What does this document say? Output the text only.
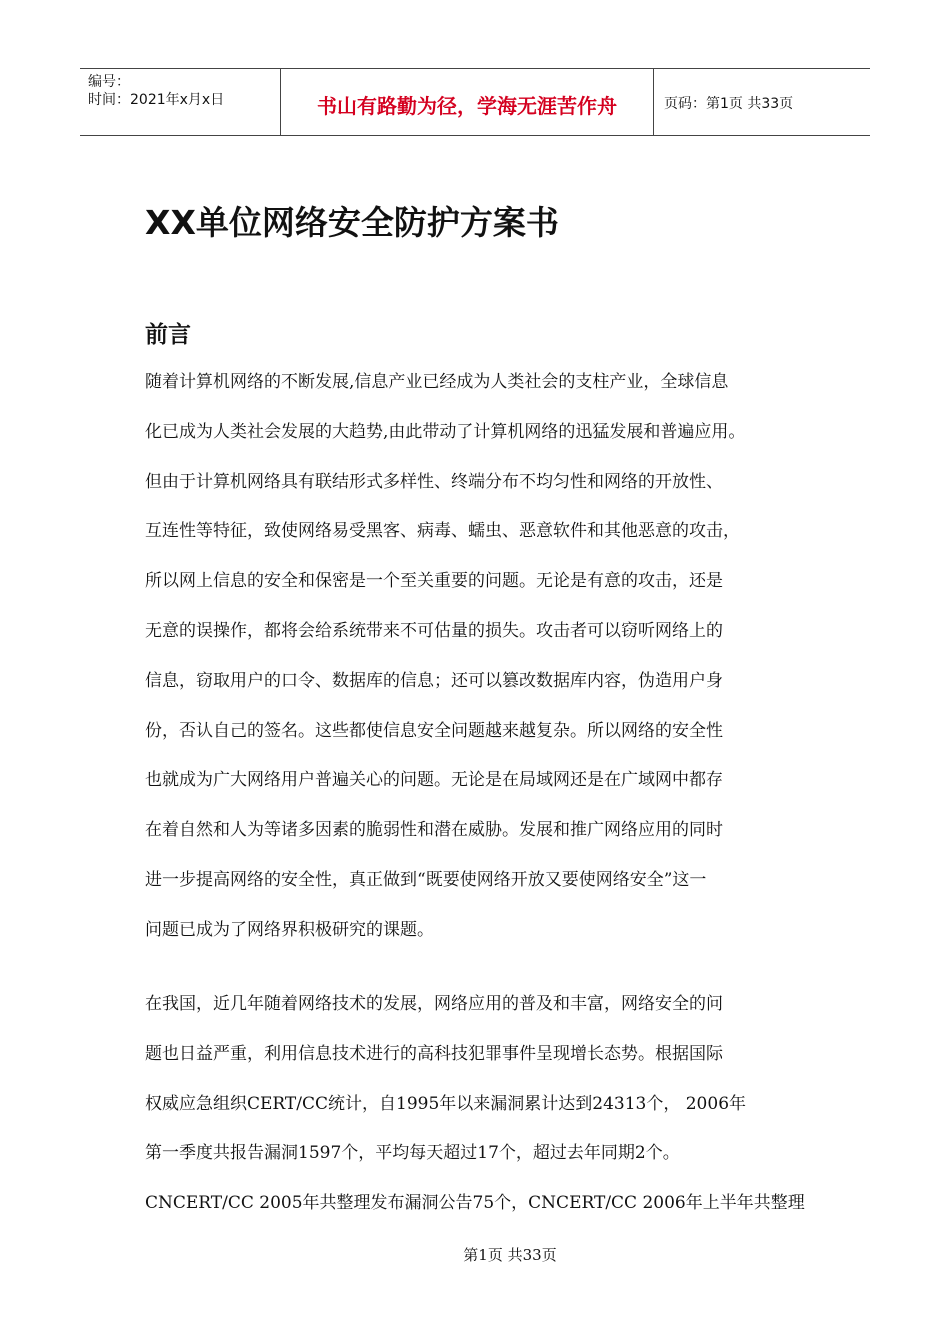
编号：
时间：2021年x月x日	书山有路勤为径，学海无涯苦作舟	页码：第1页 共33页
XX单位网络安全防护方案书
前言

随着计算机网络的不断发展,信息产业已经成为人类社会的支柱产业，全球信息
化已成为人类社会发展的大趋势,由此带动了计算机网络的迅猛发展和普遍应用。
但由于计算机网络具有联结形式多样性、终端分布不均匀性和网络的开放性、
互连性等特征，致使网络易受黑客、病毒、蠕虫、恶意软件和其他恶意的攻击，
所以网上信息的安全和保密是一个至关重要的问题。无论是有意的攻击，还是
无意的误操作，都将会给系统带来不可估量的损失。攻击者可以窃听网络上的
信息，窃取用户的口令、数据库的信息；还可以篡改数据库内容，伪造用户身
份，否认自己的签名。这些都使信息安全问题越来越复杂。所以网络的安全性
也就成为广大网络用户普遍关心的问题。无论是在局域网还是在广域网中都存
在着自然和人为等诸多因素的脆弱性和潜在威胁。发展和推广网络应用的同时
进一步提高网络的安全性，真正做到“既要使网络开放又要使网络安全”这一
问题已成为了网络界积极研究的课题。

在我国，近几年随着网络技术的发展，网络应用的普及和丰富，网络安全的问
题也日益严重，利用信息技术进行的高科技犯罪事件呈现增长态势。根据国际
权威应急组织CERT/CC统计，自1995年以来漏洞累计达到24313个， 2006年
第一季度共报告漏洞1597个，平均每天超过17个，超过去年同期2个。
CNCERT/CC 2005年共整理发布漏洞公告75个，CNCERT/CC 2006年上半年共整理

第1页 共33页
